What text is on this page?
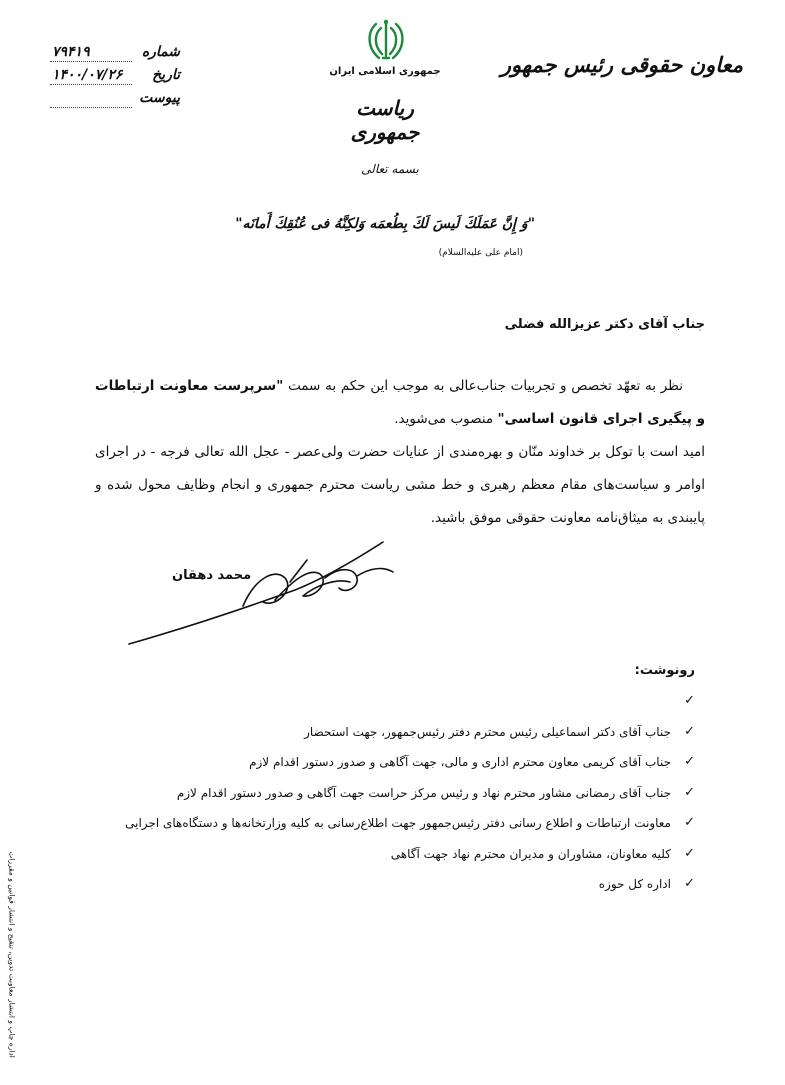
معاون حقوقی رئیس جمهور
جمهوری اسلامی ایران
ریاست جمهوری
شماره
۷۹۴۱۹
تاریخ
۱۴۰۰/۰۷/۲۶
پیوست
بسمه تعالی
"وَ إِنَّ عَمَلَكَ لَيسَ لَكَ بِطُعمَه وَلكِنَّهُ فی عُنُقِكَ أَمانَه"
(امام علی علیه‌السلام)
جناب آقای دکتر عزیزالله فضلی

نظر به تعهّد تخصص و تجربیات جناب‌عالی به موجب این حکم به سمت "سرپرست معاونت ارتباطات و پیگیری اجرای قانون اساسی" منصوب می‌شوید.

امید است با توکل بر خداوند منّان و بهره‌مندی از عنایات حضرت ولی‌عصر - عجل الله تعالی فرجه - در اجرای اوامر و سیاست‌های مقام معظم رهبری و خط مشی ریاست محترم جمهوری و انجام وظایف محول شده و پایبندی به میثاق‌نامه معاونت حقوقی موفق باشید.

محمد دهقان
رونوشت:
✓
✓
جناب آقای دکتر اسماعیلی رئیس محترم دفتر رئیس‌جمهور، جهت استحضار
✓
جناب آقای کریمی معاون محترم اداری و مالی، جهت آگاهی و صدور دستور اقدام لازم
✓
جناب آقای رمضانی مشاور محترم نهاد و رئیس مرکز حراست جهت آگاهی و صدور دستور اقدام لازم
✓
معاونت ارتباطات و اطلاع رسانی دفتر رئیس‌جمهور جهت اطلاع‌رسانی به کلیه وزارتخانه‌ها و دستگاه‌های اجرایی
✓
کلیه معاونان، مشاوران و مدیران محترم نهاد جهت آگاهی
✓
اداره کل حوزه
اداره چاپ و انتشار معاونت تدوین، تنقیح و انتشار قوانین و مقررات
